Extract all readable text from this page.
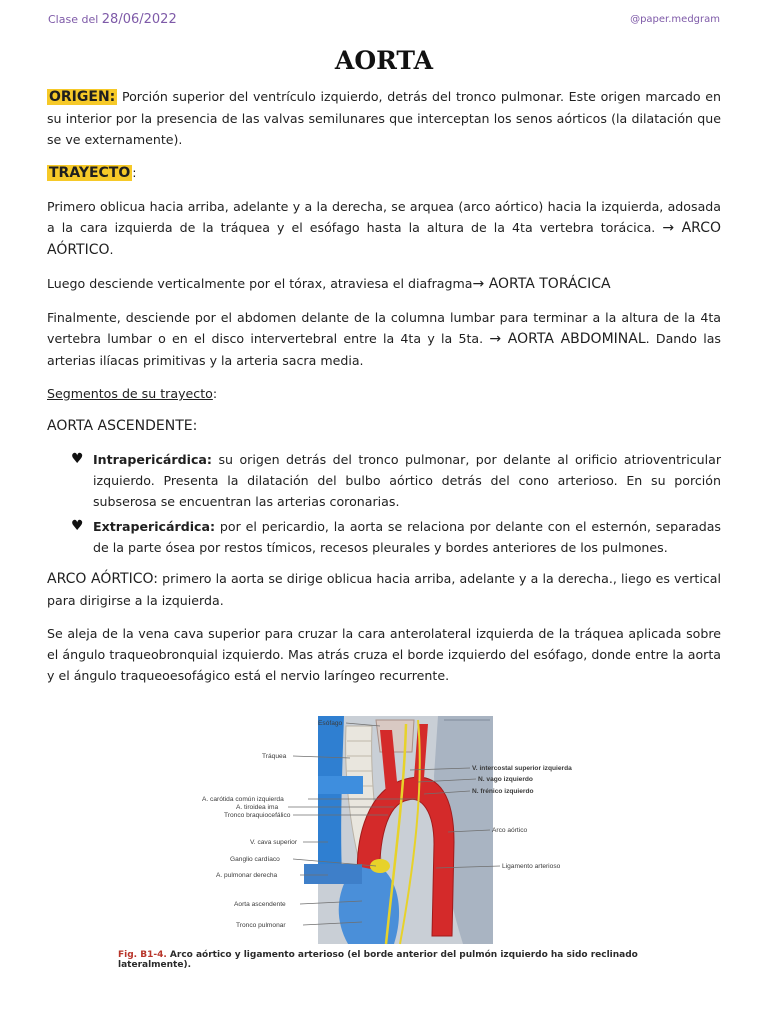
Clase del 28/06/2022	@paper.medgram
AORTA

ORIGEN: Porción superior del ventrículo izquierdo, detrás del tronco pulmonar. Este origen marcado en su interior por la presencia de las valvas semilunares que interceptan los senos aórticos (la dilatación que se ve externamente).

TRAYECTO :

Primero oblicua hacia arriba, adelante y a la derecha, se arquea (arco aórtico) hacia la izquierda, adosada a la cara izquierda de la tráquea y el esófago hasta la altura de la 4ta vertebra torácica. → ARCO AÓRTICO.

Luego desciende verticalmente por el tórax, atraviesa el diafragma→ AORTA TORÁCICA

Finalmente, desciende por el abdomen delante de la columna lumbar para terminar a la altura de la 4ta vertebra lumbar o en el disco intervertebral entre la 4ta y la 5ta. → AORTA ABDOMINAL. Dando las arterias ilíacas primitivas y la arteria sacra media.

Segmentos de su trayecto:

AORTA ASCENDENTE:

♥ Intrapericárdica: su origen detrás del tronco pulmonar, por delante al orificio atrioventricular izquierdo. Presenta la dilatación del bulbo aórtico detrás del cono arterioso. En su porción subserosa se encuentran las arterias coronarias.
♥ Extrapericárdica: por el pericardio, la aorta se relaciona por delante con el esternón, separadas de la parte ósea por restos tímicos, recesos pleurales y bordes anteriores de los pulmones.

ARCO AÓRTICO: primero la aorta se dirige oblicua hacia arriba, adelante y a la derecha., liego es vertical para dirigirse a la izquierda.

Se aleja de la vena cava superior para cruzar la cara anterolateral izquierda de la tráquea aplicada sobre el ángulo traqueobronquial izquierdo. Mas atrás cruza el borde izquierdo del esófago, donde entre la aorta y el ángulo traqueoesofágico está el nervio laríngeo recurrente.

Esófago
Tráquea
A. carótida común izquierda
A. tiroidea ima
Tronco braquiocefálico
V. cava superior
Ganglio cardíaco
A. pulmonar derecha
Aorta ascendente
Tronco pulmonar
V. intercostal superior izquierda
N. vago izquierdo
N. frénico izquierdo
Arco aórtico
Ligamento arterioso
Fig. B1-4. Arco aórtico y ligamento arterioso (el borde anterior del pulmón izquierdo ha sido reclinado lateralmente).
